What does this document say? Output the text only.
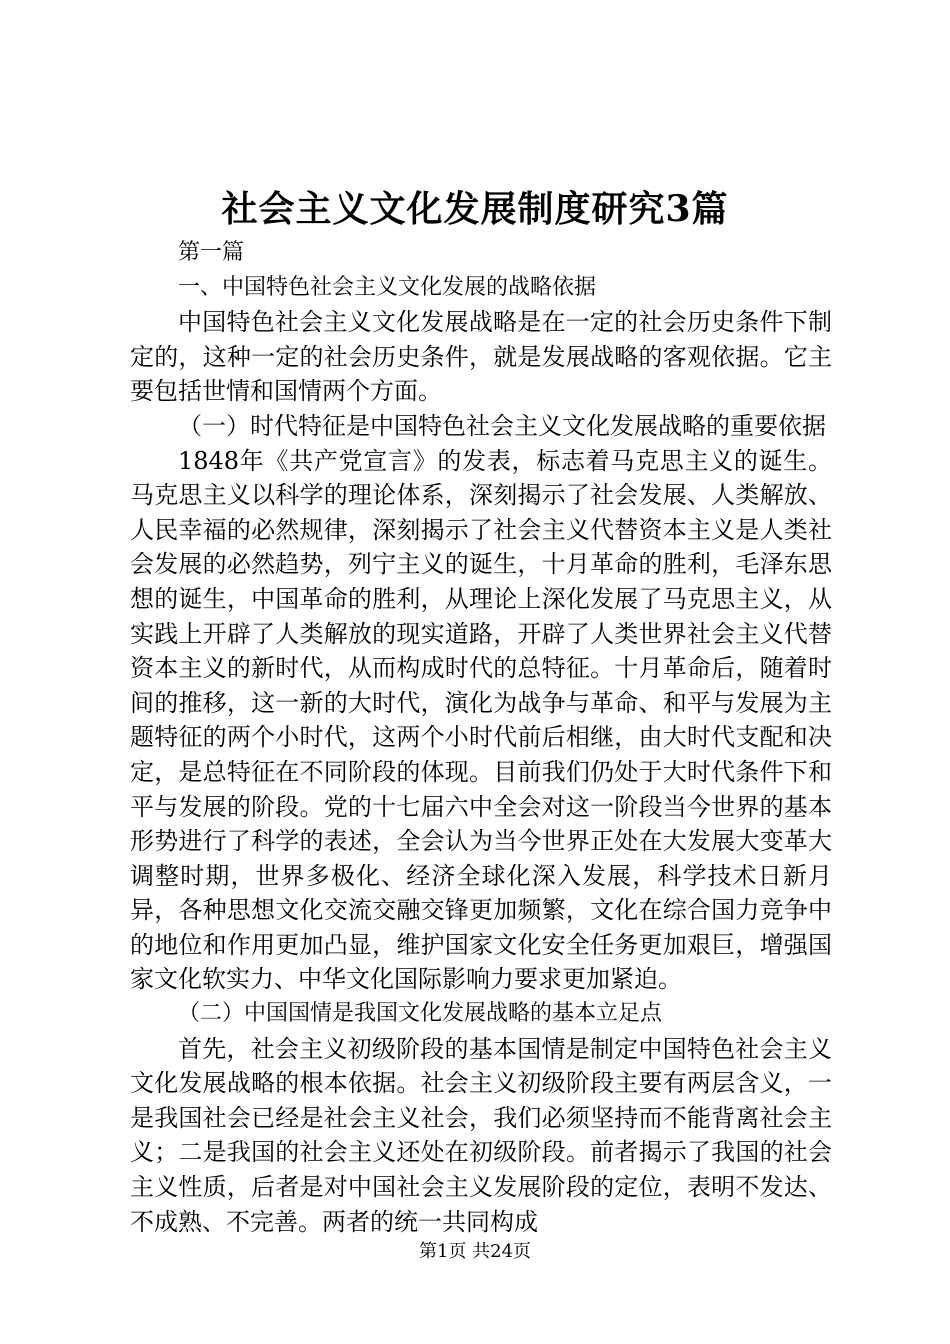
社会主义文化发展制度研究3篇

第一篇

一、中国特色社会主义文化发展的战略依据

中国特色社会主义文化发展战略是在一定的社会历史条件下制定的，这种一定的社会历史条件，就是发展战略的客观依据。它主要包括世情和国情两个方面。

（一）时代特征是中国特色社会主义文化发展战略的重要依据

1848年《共产党宣言》的发表，标志着马克思主义的诞生。马克思主义以科学的理论体系，深刻揭示了社会发展、人类解放、人民幸福的必然规律，深刻揭示了社会主义代替资本主义是人类社会发展的必然趋势，列宁主义的诞生，十月革命的胜利，毛泽东思想的诞生，中国革命的胜利，从理论上深化发展了马克思主义，从实践上开辟了人类解放的现实道路，开辟了人类世界社会主义代替资本主义的新时代，从而构成时代的总特征。十月革命后，随着时间的推移，这一新的大时代，演化为战争与革命、和平与发展为主题特征的两个小时代，这两个小时代前后相继，由大时代支配和决定，是总特征在不同阶段的体现。目前我们仍处于大时代条件下和平与发展的阶段。党的十七届六中全会对这一阶段当今世界的基本形势进行了科学的表述，全会认为当今世界正处在大发展大变革大调整时期，世界多极化、经济全球化深入发展，科学技术日新月异，各种思想文化交流交融交锋更加频繁，文化在综合国力竞争中的地位和作用更加凸显，维护国家文化安全任务更加艰巨，增强国家文化软实力、中华文化国际影响力要求更加紧迫。

（二）中国国情是我国文化发展战略的基本立足点

首先，社会主义初级阶段的基本国情是制定中国特色社会主义文化发展战略的根本依据。社会主义初级阶段主要有两层含义，一是我国社会已经是社会主义社会，我们必须坚持而不能背离社会主义；二是我国的社会主义还处在初级阶段。前者揭示了我国的社会主义性质，后者是对中国社会主义发展阶段的定位，表明不发达、不成熟、不完善。两者的统一共同构成

第1页 共24页
